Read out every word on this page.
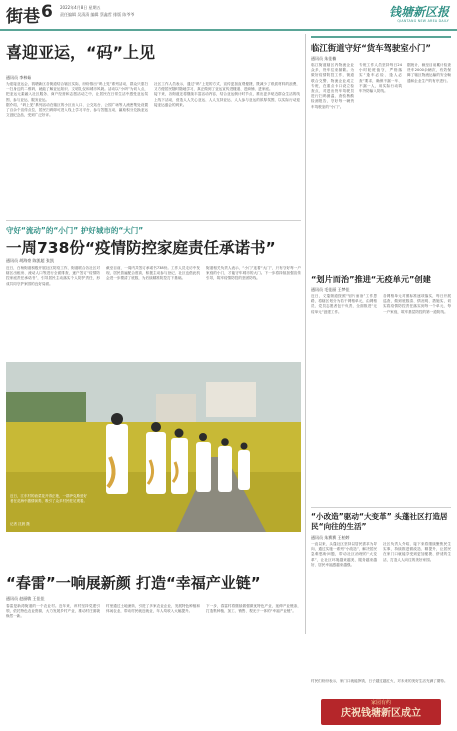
街巷 6 2022年4月8日 星期五
责任编辑 吴清清 编辑 蔡鑫哲 排版 陈爷爷	钱塘新区报
QIANTANG NEW AREA DAILY
喜迎亚运，“码”上见
通讯员 李林茹
为迎接亚运会，钱塘新区各街道结合辖区实际，纷纷推出“码上见”系列活动，群众只需扫一扫身边的二维码，就能了解亚运知识、文明礼仪和城市风貌。活动以“小码”为切入点，把亚运元素融入社区服务、商户经营和志愿活动之中，让居民在日常生活中感受亚运氛围，参与亚运、服务亚运。
据介绍，“码上见”系列活动在辖区的小区出入口、公交站台、公园广场等人流密集处设置了百余个宣传点位，居民扫码即可进入线上学习平台，参与答题互动，赢取积分兑换亚运文创纪念品，受到广泛好评。
社区工作人员表示，通过“码”上见的方式，宣传更加直观便捷，既减少了纸质材料的浪费，又方便居民随时随地学习，真正做到了亚运宣传进楼道、进商铺、进家庭。
接下来，各街道还将继续丰富活动内容，结合亚运倒计时节点，推出更多贴近群众生活的线上线下活动，营造人人关心亚运、人人支持亚运、人人参与亚运的浓厚氛围，以实际行动迎接亚运盛会的到来。
守好“流动”的“小门” 护好城市的“大门”
一周738份“疫情防控家庭责任承诺书”
通讯员 胡海豪 陈凯超 张凯
近日，白杨街道积极开展社区防疫工作，街道联合各社区对辖区出租房、流动人口等进行全面排查，逐户签订“疫情防控家庭责任承诺书”，引导居民主动落实个人防护责任，形成共同守护家园的良好局面。
截至目前，一周内共签订承诺书738份。工作人员走访中发现，居民普遍配合度高，积极主动参与登记，社区也借此机会进一步摸清了底数，为后续精准防控打下基础。
街道相关负责人表示，“小门”连着“大门”，只有守好每一户家庭的小门，才能守牢城市的大门。下一步将持续加强宣传引导，筑牢疫情防控的坚固防线。
近日，江东村的油菜花开得正艳，一群萨克斯爱好者在花海中激情演奏，吸引了众多村民驻足观看。
记者 沈晨 摄
“春雷”一响展新颜 打造“幸福产业链”
通讯员 赵丽敏 王佳佳
春雷是新湾街道的一个农业村。近年来，该村坚持党建引领，依托特色农业资源，大力发展乡村产业，推动村庄面貌焕然一新。
村里通过土地流转，引进了多家农业企业，发展特色种植和休闲农业，带动村民就近就业，年人均收入大幅提升。
下一步，春雷村将继续做强做优特色产业，延伸产业链条，打造集种植、加工、销售、观光于一体的“幸福产业链”。
临江街道守好“货车驾驶室小门”
通讯员 朱佳楠
临江街道辖区内物流企业众多，货车往来频繁。为做好疫情防控工作，街道联合交警、物流企业成立专班，在重点卡口设立检查点，对进出货车驾驶员进行扫码测温、查验核酸检测报告，守好每一辆货车驾驶室的“小门”。
专班工作人员坚持每日24小时轮班值守，严格落实“逢车必检、逢人必查”要求，确保不漏一车、不漏一人，用实际行动筑牢外防输入防线。
据统计，截至目前累计检查货车2000余辆次，有效保障了辖区物流运输的安全畅通和企业生产的有序进行。
“划片而治”推进“无疫单元”创建
通讯员 毛佳丽 王梦佳
近日，义蓬街道按照“划片而治”工作思路，将辖区划分为若干网格单元，由网格员、党员志愿者包干负责，全面推进“无疫单元”创建工作。
各网格单元对照标准逐项落实，每日开展巡查，做到底数清、情况明、措施实，切实将疫情防控责任落实到每一个单元、每一户家庭，筑牢基层防控的第一道防线。
“小改造”驱动“大变革” 头蓬社区打造居民“向往的生活”
通讯员 朱赛赛 王柏婷
一直以来，头蓬社区坚持以居民需求为导向，通过实施一系列“小改造”，解决居民急难愁盼问题，带动社区治理的“大变革”，让社区环境越来越美、服务越来越好、居民幸福感越来越强。
社区负责人介绍，接下来将继续聚焦民生实事，持续推进微改造、精提升，让居民在家门口就能享受到更加便捷、舒适的生活，打造人人向往的美好家园。
村民们纷纷表示，家门口就能挣钱，日子越过越红火，对未来的美好生活充满了期待。
家园有约
庆祝钱塘新区成立
